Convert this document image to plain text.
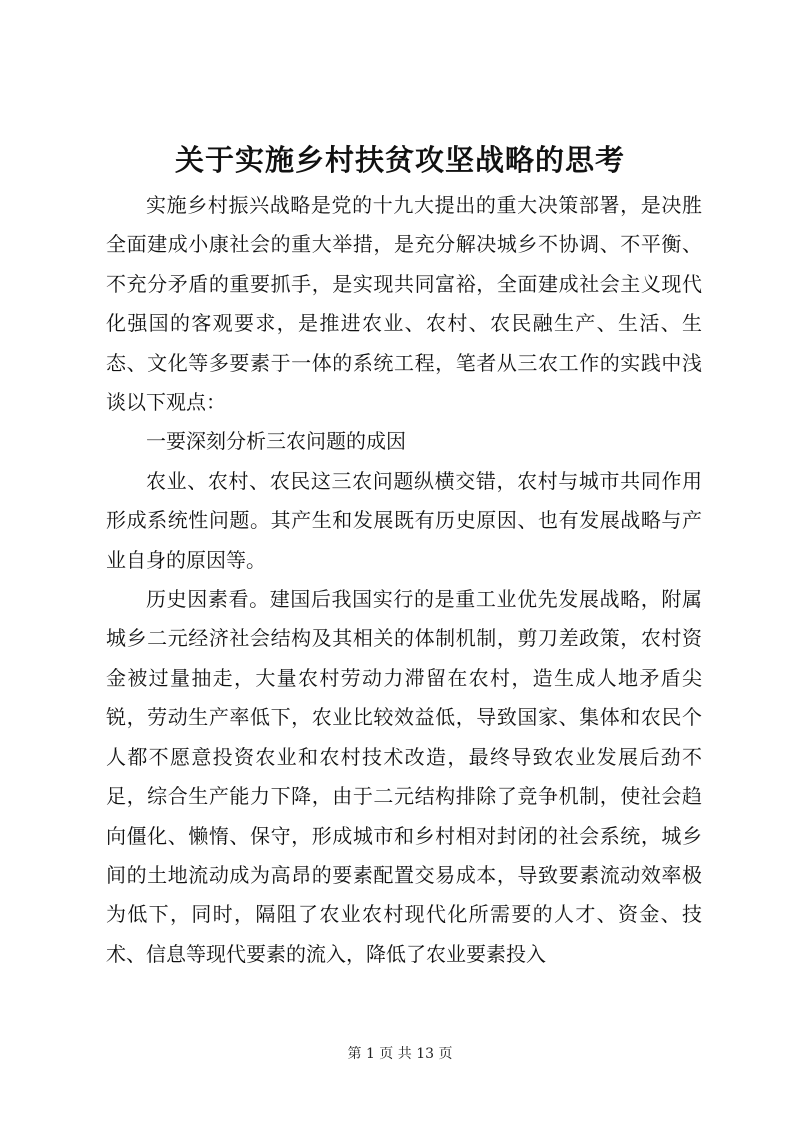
关于实施乡村扶贫攻坚战略的思考

实施乡村振兴战略是党的十九大提出的重大决策部署，是决胜全面建成小康社会的重大举措，是充分解决城乡不协调、不平衡、不充分矛盾的重要抓手，是实现共同富裕，全面建成社会主义现代化强国的客观要求，是推进农业、农村、农民融生产、生活、生态、文化等多要素于一体的系统工程，笔者从三农工作的实践中浅谈以下观点：

一要深刻分析三农问题的成因

农业、农村、农民这三农问题纵横交错，农村与城市共同作用形成系统性问题。其产生和发展既有历史原因、也有发展战略与产业自身的原因等。

历史因素看。建国后我国实行的是重工业优先发展战略，附属城乡二元经济社会结构及其相关的体制机制，剪刀差政策，农村资金被过量抽走，大量农村劳动力滞留在农村，造生成人地矛盾尖锐，劳动生产率低下，农业比较效益低，导致国家、集体和农民个人都不愿意投资农业和农村技术改造，最终导致农业发展后劲不足，综合生产能力下降，由于二元结构排除了竞争机制，使社会趋向僵化、懒惰、保守，形成城市和乡村相对封闭的社会系统，城乡间的土地流动成为高昂的要素配置交易成本，导致要素流动效率极为低下，同时，隔阻了农业农村现代化所需要的人才、资金、技术、信息等现代要素的流入，降低了农业要素投入

第 1 页 共 13 页
